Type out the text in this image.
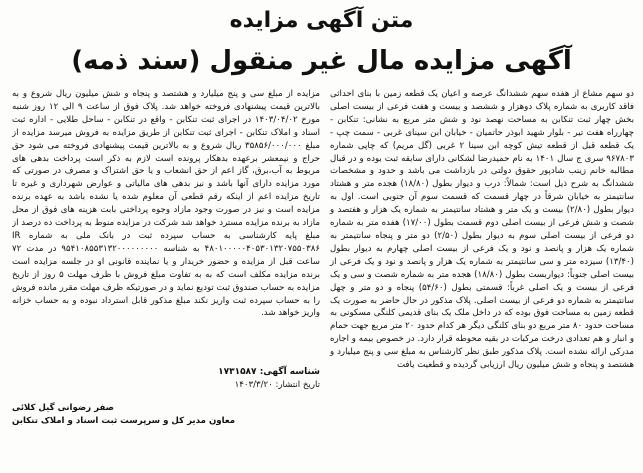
متن آگهی مزایده
آگهی مزایده مال غیر منقول (سند ذمه)

دو سهم مشاع از هفده سهم ششدانگ عرصه و اعیان یک قطعه زمین با بنای احداثی فاقد کاربری به شماره پلاک دوهزار و ششصد و بیست و هفت فرعی از بیست اصلی بخش چهار ثبت تنکابن به مساحت نهصد نود و شش متر مربع به نشانی: تنکابن - چهارراه هفت تیر - بلوار شهید ابوذر حاتمیان - خیابان ابن سینای غربی - سمت چپ - یک قطعه قبل از قطعه تیش کوچه ابن سینا ۲ غربی (گل مریم) که چاپی شماره ۹۶۷۸۰۳ سری ج سال ۱۴۰۱ به نام حمیدرضا لشکانی دارای سابقه ثبت بوده و در قبال مطالبه خانم زینب شادپور حقوق دولتی در بازداشت می باشد و حدود و مشخصات ششدانگ به شرح ذیل است: شمالاً: درب و دیوار بطول (۱۸/۸۰) هجده متر و هشتاد سانتیمتر به خیابان شرقاً در چهار قسمت که قسمت سوم آن جنوبی است. اول به دیوار بطول (۲/۸۰) بیست و یک متر و هشتاد سانتیمتر به شماره یک هزار و هفتصد و شصت و شش فرعی از بیست اصلی دوم قسمت بطول (۱۷/۰۰) هفده متر به شماره دو فرعی از بیست اصلی سوم به دیوار بطول (۲/۵۰) دو متر و پنجاه سانتیمتر به شماره یک هزار و پانصد و نود و یک فرعی از بیست اصلی چهارم به دیوار بطول (۱۳/۴۰) سیزده متر و سی سانتیمتر به شماره یک هزار و پانصد و نود و یک فرعی از بیست اصلی جنوباً: دیواربست بطول (۱۸/۸۰) هجده متر به شماره شصت و سی و یک فرعی از بیست و یک اصلی غرباً: قسمتی بطول (۵۴/۶۰) پنجاه و دو متر و چهل سانتیمتر به شماره دو فرعی از بیست اصلی. پلاک مذکور در حال حاضر به صورت یک قطعه زمین به مساحت فوق بوده که در داخل ملک یک بنای قدیمی کلنگی مسکونی به مساحت حدود ۸۰ متر مربع دو بنای کلنگی دیگر هر کدام حدود ۲۰ متر مربع جهت حمام و انبار و هم تعدادی درخت مرکبات در بقیه محوطه قرار دارد. در خصوص بیمه و اجاره مدرکی ارائه نشده است. پلاک مذکور طبق نظر کارشناس به مبلغ سی و پنج میلیارد و هشتصد و پنجاه و شش میلیون ریال ارزیابی گردیده و قطعیت یافت

مزایده از مبلغ سی و پنج میلیارد و هشتصد و پنجاه و شش میلیون ریال شروع و به بالاترین قیمت پیشنهادی فروخته خواهد شد. پلاک فوق از ساعت ۹ الی ۱۲ روز شنبه مورخ ۱۴۰۳/۰۴/۰۲ در اجرای ثبت تنکابن - واقع در تنکابن - ساحل طلایی - اداره ثبت اسناد و املاک تنکابن - اجرای ثبت تنکابن از طریق مزایده به فروش میرسد مزایده از مبلغ ۳۵۸۵۶/۰۰۰/۰۰۰ ریال شروع و به بالاترین قیمت پیشنهادی فروخته می شود حق حراج و نیمعشر برعهده بدهکار پرونده است لازم به ذکر است پرداخت بدهی های مربوط به آب،برق، گاز اعم از حق انشعاب و یا حق اشتراک و مصرف در صورتی که مورد مزایده دارای آنها باشد و نیز بدهی های مالیاتی و عوارض شهرداری و غیره تا تاریخ مزایده اعم از اینکه رقم قطعی آن معلوم شده یا نشده باشد به عهده برنده مزایده است و نیز در صورت وجود مازاد وجوه پرداختی بابت هزینه های فوق از محل مازاد به برنده مزایده مسترد خواهد شد شرکت در مزایده منوط به پرداخت ده درصد از مبلغ پایه کارشناسی به حساب سپرده ثبت در بانک ملی به شماره IR ۴۸۰۱۰۰۰۰۰۴۰۵۳۰۱۳۲۰۷۵۵۰۳۸۶ به شناسه ۹۵۴۱۰۸۵۵۳۱۳۲۰۰۰۰۰۰۰۰۰ در مدت ۷۲ ساعت قبل از مزایده و حضور خریدار و یا نماینده قانونی او در جلسه مزایده است برنده مزایده مکلف است که به به تفاوت مبلغ فروش با ظرف مهلت ۵ روز از تاریخ مزایده به حساب صندوق ثبت تودیع نماید و در صورتیکه ظرف مهلت مقرر مانده فروش را به حساب سپرده ثبت واریز نکند مبلغ مذکور قابل استرداد نبوده و به حساب خزانه واریز خواهد شد.

شناسه آگهی: ۱۷۳۱۵۸۷
تاریخ انتشار: ۱۴۰۳/۳/۲۰
صفر رضوانی گیل کلائی
معاون مدیر کل و سرپرست ثبت اسناد و املاک تنکابن
